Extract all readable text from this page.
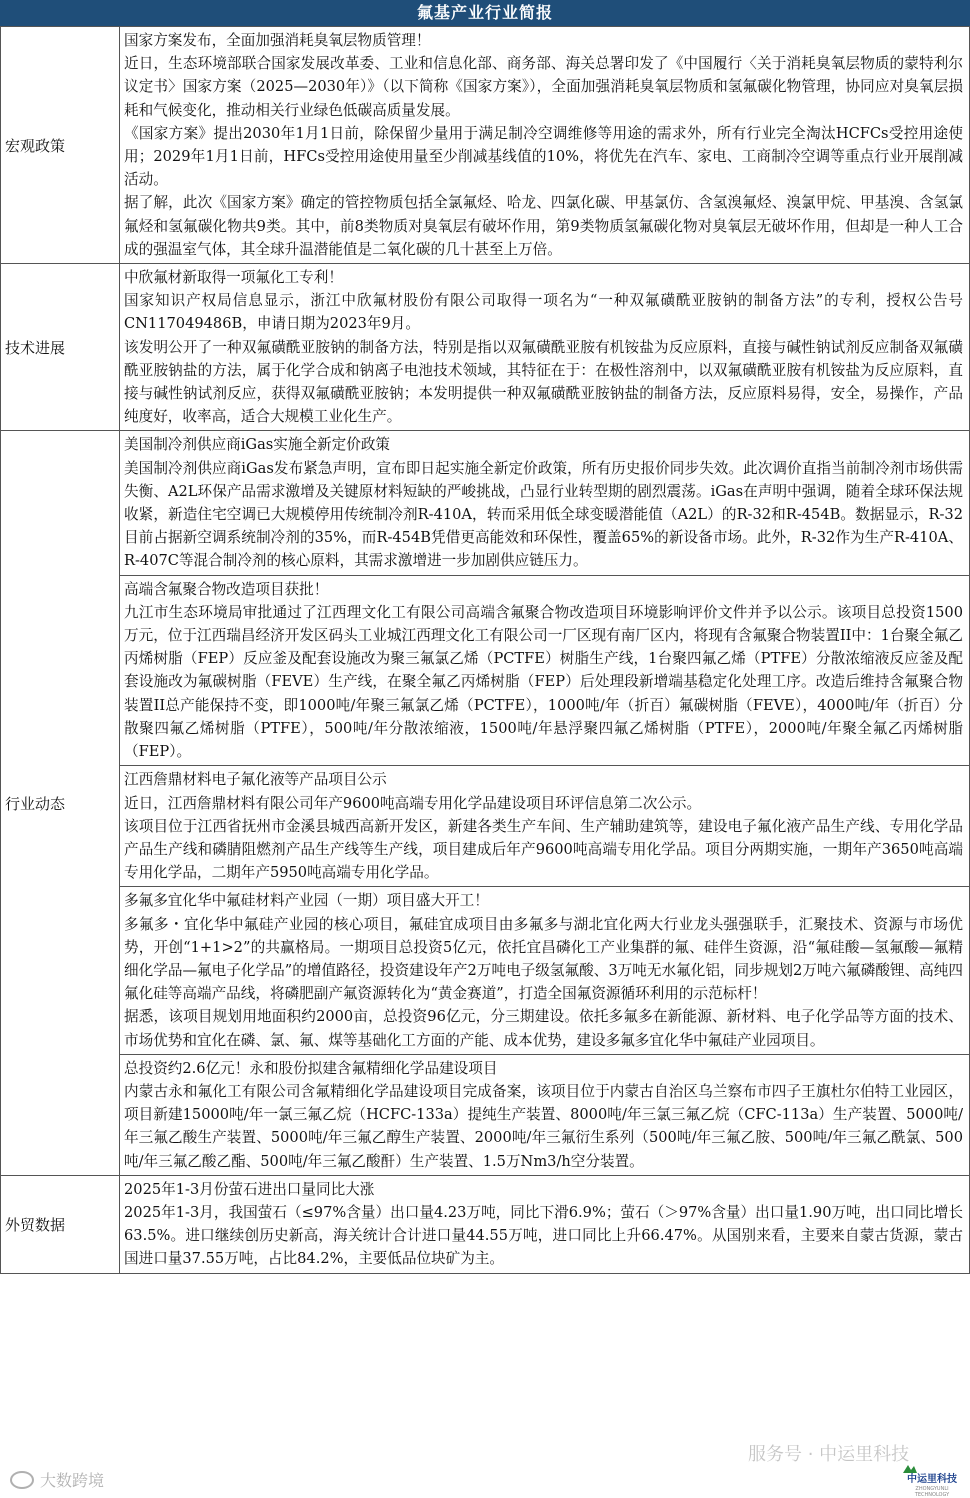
氟基产业行业简报
宏观政策	国家方案发布，全面加强消耗臭氧层物质管理！

近日，生态环境部联合国家发展改革委、工业和信息化部、商务部、海关总署印发了《中国履行〈关于消耗臭氧层物质的蒙特利尔议定书〉国家方案（2025—2030年）》（以下简称《国家方案》），全面加强消耗臭氧层物质和氢氟碳化物管理，协同应对臭氧层损耗和气候变化，推动相关行业绿色低碳高质量发展。

《国家方案》提出2030年1月1日前，除保留少量用于满足制冷空调维修等用途的需求外，所有行业完全淘汰HCFCs受控用途使用；2029年1月1日前，HFCs受控用途使用量至少削减基线值的10%，将优先在汽车、家电、工商制冷空调等重点行业开展削减活动。

据了解，此次《国家方案》确定的管控物质包括全氯氟烃、哈龙、四氯化碳、甲基氯仿、含氢溴氟烃、溴氯甲烷、甲基溴、含氢氯氟烃和氢氟碳化物共9类。其中，前8类物质对臭氧层有破坏作用，第9类物质氢氟碳化物对臭氧层无破坏作用，但却是一种人工合成的强温室气体，其全球升温潜能值是二氧化碳的几十甚至上万倍。

技术进展	中欣氟材新取得一项氟化工专利！

国家知识产权局信息显示，浙江中欣氟材股份有限公司取得一项名为“一种双氟磺酰亚胺钠的制备方法”的专利，授权公告号CN117049486B，申请日期为2023年9月。

该发明公开了一种双氟磺酰亚胺钠的制备方法，特别是指以双氟磺酰亚胺有机铵盐为反应原料，直接与碱性钠试剂反应制备双氟磺酰亚胺钠盐的方法，属于化学合成和钠离子电池技术领域，其特征在于：在极性溶剂中，以双氟磺酰亚胺有机铵盐为反应原料，直接与碱性钠试剂反应，获得双氟磺酰亚胺钠；本发明提供一种双氟磺酰亚胺钠盐的制备方法，反应原料易得，安全，易操作，产品纯度好，收率高，适合大规模工业化生产。

行业动态	美国制冷剂供应商iGas实施全新定价政策

美国制冷剂供应商iGas发布紧急声明，宣布即日起实施全新定价政策，所有历史报价同步失效。此次调价直指当前制冷剂市场供需失衡、A2L环保产品需求激增及关键原材料短缺的严峻挑战，凸显行业转型期的剧烈震荡。iGas在声明中强调，随着全球环保法规收紧，新造住宅空调已大规模停用传统制冷剂R-410A，转而采用低全球变暖潜能值（A2L）的R-32和R-454B。数据显示，R-32目前占据新空调系统制冷剂的35%，而R-454B凭借更高能效和环保性，覆盖65%的新设备市场。此外，R-32作为生产R-410A、R-407C等混合制冷剂的核心原料，其需求激增进一步加剧供应链压力。

	高端含氟聚合物改造项目获批！

九江市生态环境局审批通过了江西理文化工有限公司高端含氟聚合物改造项目环境影响评价文件并予以公示。该项目总投资1500万元，位于江西瑞昌经济开发区码头工业城江西理文化工有限公司一厂区现有南厂区内，将现有含氟聚合物装置II中：1台聚全氟乙丙烯树脂（FEP）反应釜及配套设施改为聚三氟氯乙烯（PCTFE）树脂生产线，1台聚四氟乙烯（PTFE）分散浓缩液反应釜及配套设施改为氟碳树脂（FEVE）生产线，在聚全氟乙丙烯树脂（FEP）后处理段新增端基稳定化处理工序。改造后维持含氟聚合物装置II总产能保持不变，即1000吨/年聚三氟氯乙烯（PCTFE），1000吨/年（折百）氟碳树脂（FEVE），4000吨/年（折百）分散聚四氟乙烯树脂（PTFE），500吨/年分散浓缩液，1500吨/年悬浮聚四氟乙烯树脂（PTFE），2000吨/年聚全氟乙丙烯树脂（FEP）。

	江西詹鼎材料电子氟化液等产品项目公示

近日，江西詹鼎材料有限公司年产9600吨高端专用化学品建设项目环评信息第二次公示。

该项目位于江西省抚州市金溪县城西高新开发区，新建各类生产车间、生产辅助建筑等，建设电子氟化液产品生产线、专用化学品产品生产线和磷腈阻燃剂产品生产线等生产线，项目建成后年产9600吨高端专用化学品。项目分两期实施，一期年产3650吨高端专用化学品，二期年产5950吨高端专用化学品。

	多氟多宜化华中氟硅材料产业园（一期）项目盛大开工！

多氟多・宜化华中氟硅产业园的核心项目，氟硅宜成项目由多氟多与湖北宜化两大行业龙头强强联手，汇聚技术、资源与市场优势，开创“1+1>2”的共赢格局。一期项目总投资5亿元，依托宜昌磷化工产业集群的氟、硅伴生资源，沿“氟硅酸—氢氟酸—氟精细化学品—氟电子化学品”的增值路径，投资建设年产2万吨电子级氢氟酸、3万吨无水氟化铝，同步规划2万吨六氟磷酸锂、高纯四氟化硅等高端产品线，将磷肥副产氟资源转化为“黄金赛道”，打造全国氟资源循环利用的示范标杆！

据悉，该项目规划用地面积约2000亩，总投资96亿元，分三期建设。依托多氟多在新能源、新材料、电子化学品等方面的技术、市场优势和宜化在磷、氯、氟、煤等基础化工方面的产能、成本优势，建设多氟多宜化华中氟硅产业园项目。

	总投资约2.6亿元！永和股份拟建含氟精细化学品建设项目

内蒙古永和氟化工有限公司含氟精细化学品建设项目完成备案，该项目位于内蒙古自治区乌兰察布市四子王旗杜尔伯特工业园区，项目新建15000吨/年一氯三氟乙烷（HCFC-133a）提纯生产装置、8000吨/年三氯三氟乙烷（CFC-113a）生产装置、5000吨/年三氟乙酸生产装置、5000吨/年三氟乙醇生产装置、2000吨/年三氟衍生系列（500吨/年三氟乙胺、500吨/年三氟乙酰氯、500吨/年三氟乙酸乙酯、500吨/年三氟乙酸酐）生产装置、1.5万Nm3/h空分装置。

外贸数据	2025年1-3月份萤石进出口量同比大涨

2025年1-3月，我国萤石（≤97%含量）出口量4.23万吨，同比下滑6.9%；萤石（＞97%含量）出口量1.90万吨，出口同比增长63.5%。进口继续创历史新高，海关统计合计进口量44.55万吨，进口同比上升66.47%。从国别来看，主要来自蒙古货源，蒙古国进口量37.55万吨，占比84.2%，主要低品位块矿为主。

大数跨境
服务号 · 中运里科技
中运里科技
ZHONGYUNLI TECHNOLOGY
